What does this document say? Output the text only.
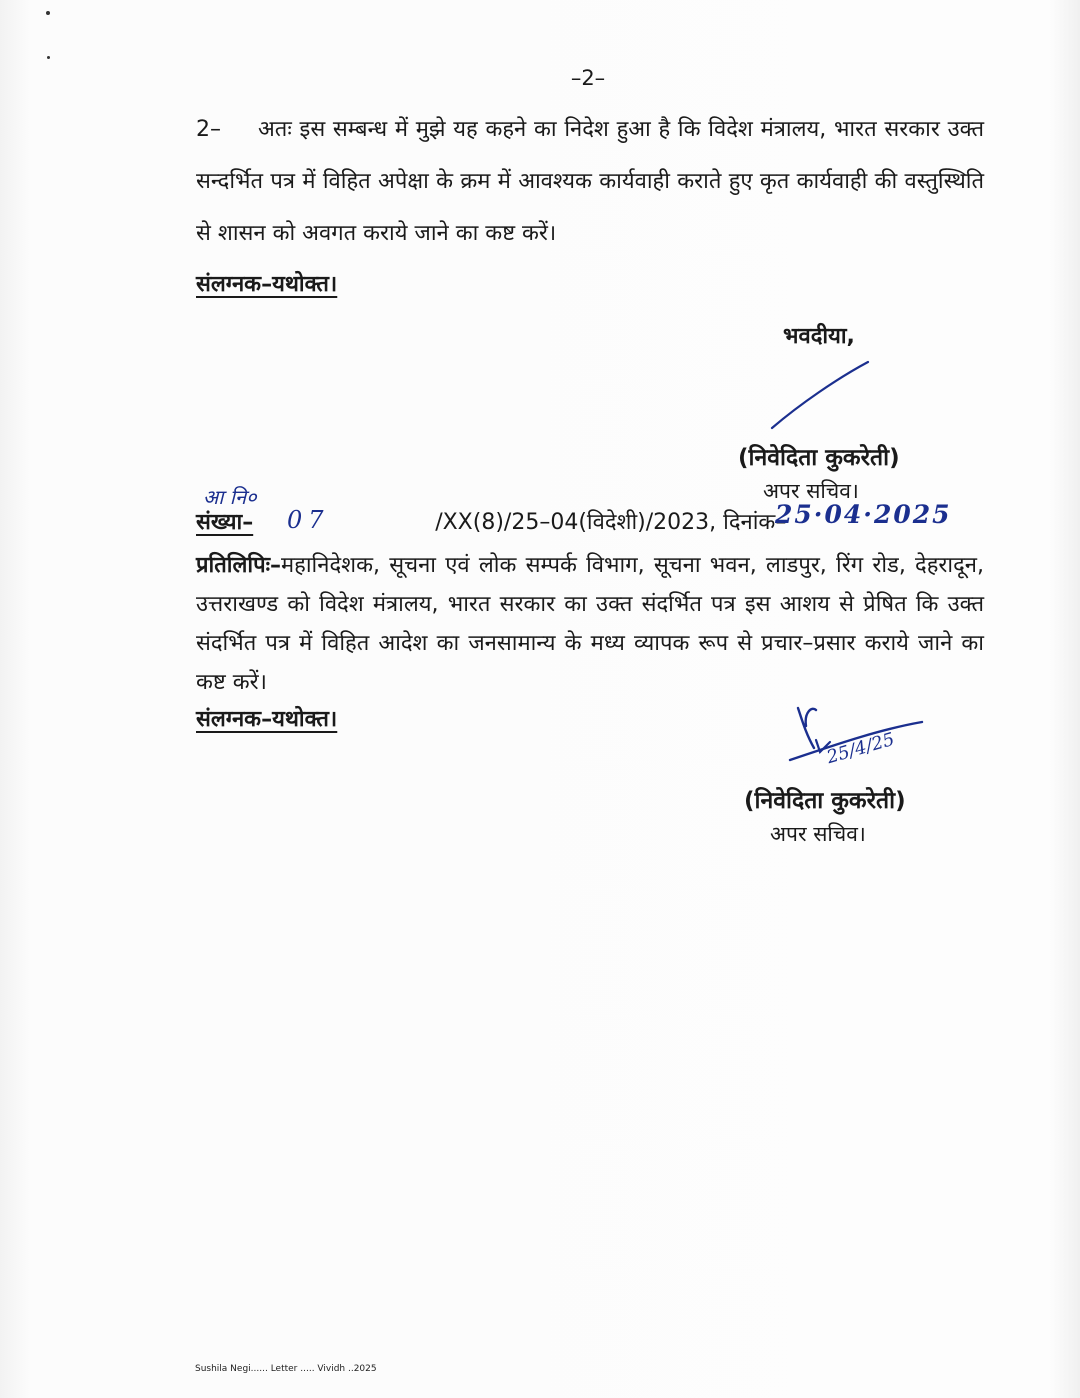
–2–
2– अतः इस सम्बन्ध में मुझे यह कहने का निदेश हुआ है कि विदेश मंत्रालय, भारत सरकार उक्त सन्दर्भित पत्र में विहित अपेक्षा के क्रम में आवश्यक कार्यवाही कराते हुए कृत कार्यवाही की वस्तुस्थिति से शासन को अवगत कराये जाने का कष्ट करें।
संलग्नक–यथोक्त।
भवदीया,
(निवेदिता कुकरेती)
अपर सचिव।
आ नि०
संख्या–	/XX(8)/25–04(विदेशी)/2023, दिनांक–
07	25·04·2025
प्रतिलिपिः–महानिदेशक, सूचना एवं लोक सम्पर्क विभाग, सूचना भवन, लाडपुर, रिंग रोड, देहरादून, उत्तराखण्ड को विदेश मंत्रालय, भारत सरकार का उक्त संदर्भित पत्र इस आशय से प्रेषित कि उक्त संदर्भित पत्र में विहित आदेश का जनसामान्य के मध्य व्यापक रूप से प्रचार–प्रसार कराये जाने का कष्ट करें।
संलग्नक–यथोक्त।
25/4/25
(निवेदिता कुकरेती)
अपर सचिव।
Sushila Negi...... Letter ..... Vividh ..2025
